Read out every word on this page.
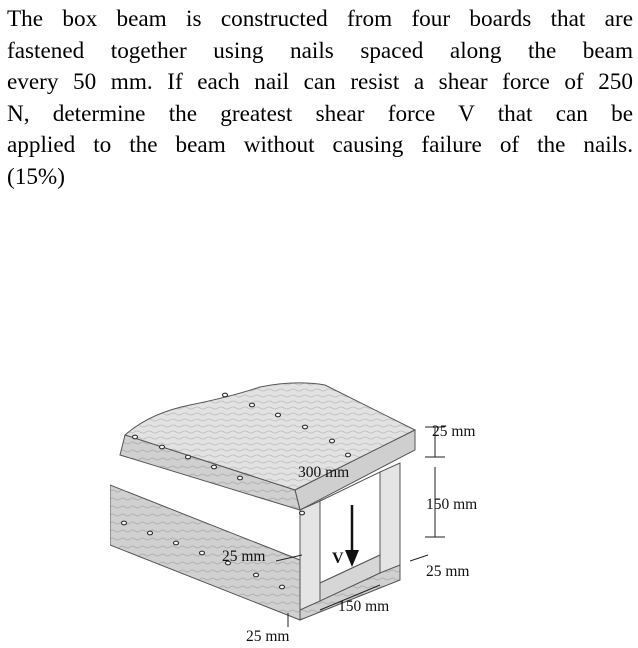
The box beam is constructed from four boards that are
fastened together using nails spaced along the beam
every 50 mm. If each nail can resist a shear force of 250
N, determine the greatest shear force V that can be
applied to the beam without causing failure of the nails.
(15%)
V
25 mm
300 mm
150 mm
25 mm
25 mm
150 mm
25 mm
